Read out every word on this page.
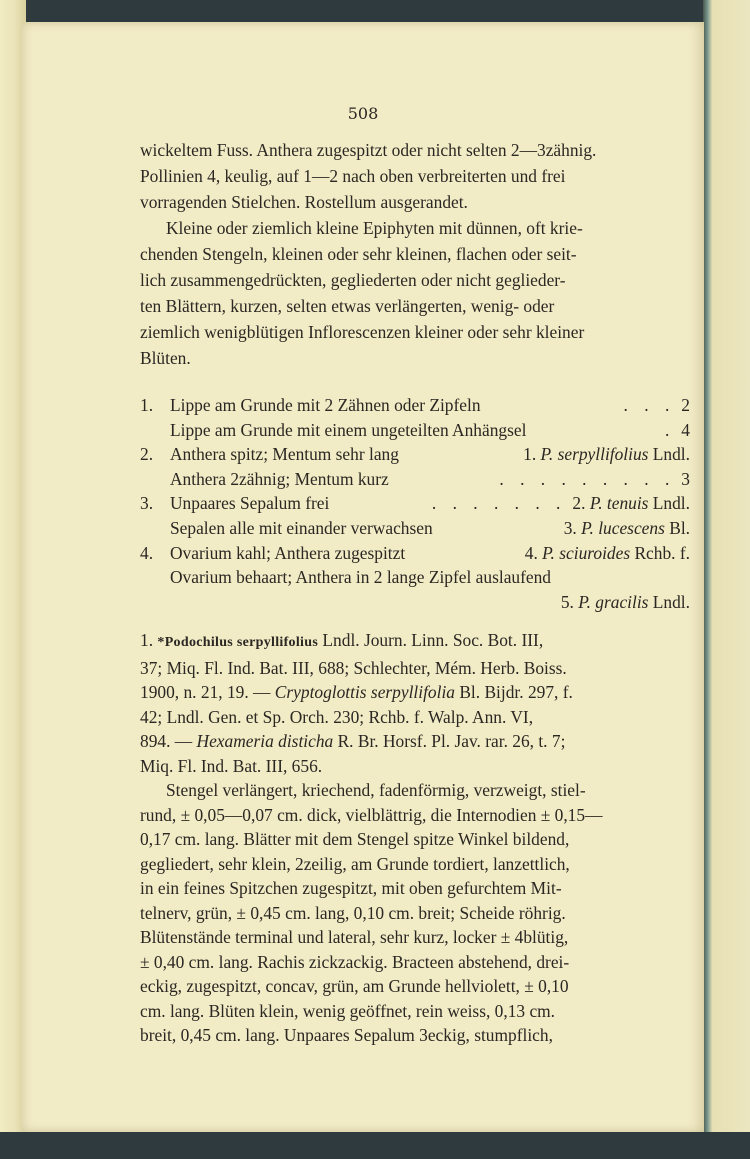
508
wickeltem Fuss. Anthera zugespitzt oder nicht selten 2—3zähnig.
Pollinien 4, keulig, auf 1—2 nach oben verbreiterten und frei
vorragenden Stielchen. Rostellum ausgerandet.
Kleine oder ziemlich kleine Epiphyten mit dünnen, oft krie-
chenden Stengeln, kleinen oder sehr kleinen, flachen oder seit-
lich zusammengedrückten, gegliederten oder nicht geglieder-
ten Blättern, kurzen, selten etwas verlängerten, wenig- oder
ziemlich wenigblütigen Inflorescenzen kleiner oder sehr kleiner
Blüten.
1. Lippe am Grunde mit 2 Zähnen oder Zipfeln	. . . 2
Lippe am Grunde mit einem ungeteilten Anhängsel	. 4
2. Anthera spitz; Mentum sehr lang	1. P. serpyllifolius Lndl.
Anthera 2zähnig; Mentum kurz	. . . . . . . . . 3
3. Unpaares Sepalum frei	. . . . . . . 2. P. tenuis Lndl.
Sepalen alle mit einander verwachsen	3. P. lucescens Bl.
4. Ovarium kahl; Anthera zugespitzt	4. P. sciuroides Rchb. f.
Ovarium behaart; Anthera in 2 lange Zipfel auslaufend
5. P. gracilis Lndl.
1. *Podochilus serpyllifolius Lndl. Journ. Linn. Soc. Bot. III,
37; Miq. Fl. Ind. Bat. III, 688; Schlechter, Mém. Herb. Boiss.
1900, n. 21, 19. — Cryptoglottis serpyllifolia Bl. Bijdr. 297, f.
42; Lndl. Gen. et Sp. Orch. 230; Rchb. f. Walp. Ann. VI,
894. — Hexameria disticha R. Br. Horsf. Pl. Jav. rar. 26, t. 7;
Miq. Fl. Ind. Bat. III, 656.
Stengel verlängert, kriechend, fadenförmig, verzweigt, stiel-
rund, ± 0,05—0,07 cm. dick, vielblättrig, die Internodien ± 0,15—
0,17 cm. lang. Blätter mit dem Stengel spitze Winkel bildend,
gegliedert, sehr klein, 2zeilig, am Grunde tordiert, lanzettlich,
in ein feines Spitzchen zugespitzt, mit oben gefurchtem Mit-
telnerv, grün, ± 0,45 cm. lang, 0,10 cm. breit; Scheide röhrig.
Blütenstände terminal und lateral, sehr kurz, locker ± 4blütig,
± 0,40 cm. lang. Rachis zickzackig. Bracteen abstehend, drei-
eckig, zugespitzt, concav, grün, am Grunde hellviolett, ± 0,10
cm. lang. Blüten klein, wenig geöffnet, rein weiss, 0,13 cm.
breit, 0,45 cm. lang. Unpaares Sepalum 3eckig, stumpflich,
